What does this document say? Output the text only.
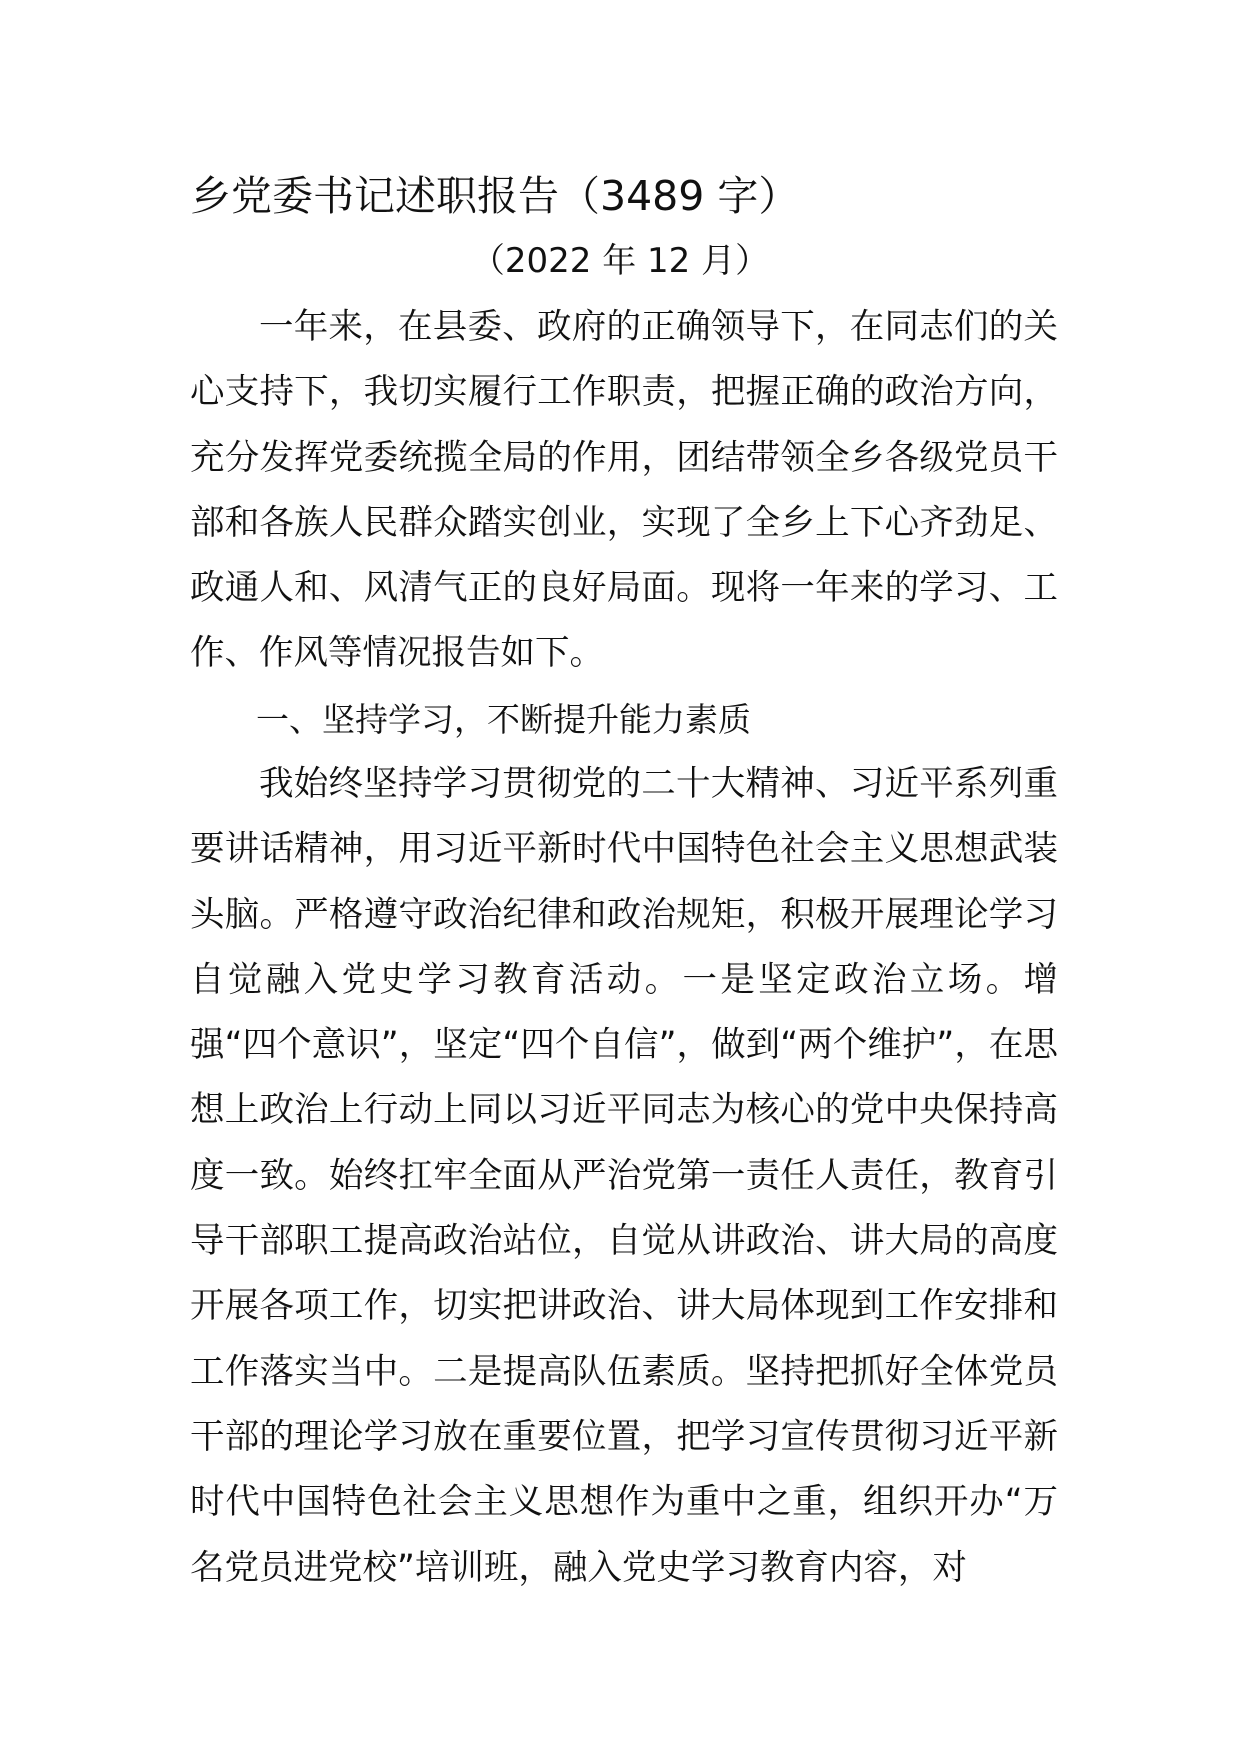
乡党委书记述职报告（3489 字）

（2022 年 12 月）

一年来，在县委、政府的正确领导下，在同志们的关心支持下，我切实履行工作职责，把握正确的政治方向，充分发挥党委统揽全局的作用，团结带领全乡各级党员干部和各族人民群众踏实创业，实现了全乡上下心齐劲足、政通人和、风清气正的良好局面。现将一年来的学习、工作、作风等情况报告如下。

一、坚持学习，不断提升能力素质

我始终坚持学习贯彻党的二十大精神、习近平系列重要讲话精神，用习近平新时代中国特色社会主义思想武装头脑。严格遵守政治纪律和政治规矩，积极开展理论学习自觉融入党史学习教育活动。一是坚定政治立场。增强“四个意识”，坚定“四个自信”，做到“两个维护”，在思想上政治上行动上同以习近平同志为核心的党中央保持高度一致。始终扛牢全面从严治党第一责任人责任，教育引导干部职工提高政治站位，自觉从讲政治、讲大局的高度开展各项工作，切实把讲政治、讲大局体现到工作安排和工作落实当中。二是提高队伍素质。坚持把抓好全体党员干部的理论学习放在重要位置，把学习宣传贯彻习近平新时代中国特色社会主义思想作为重中之重，组织开办“万名党员进党校”培训班，融入党史学习教育内容，对
